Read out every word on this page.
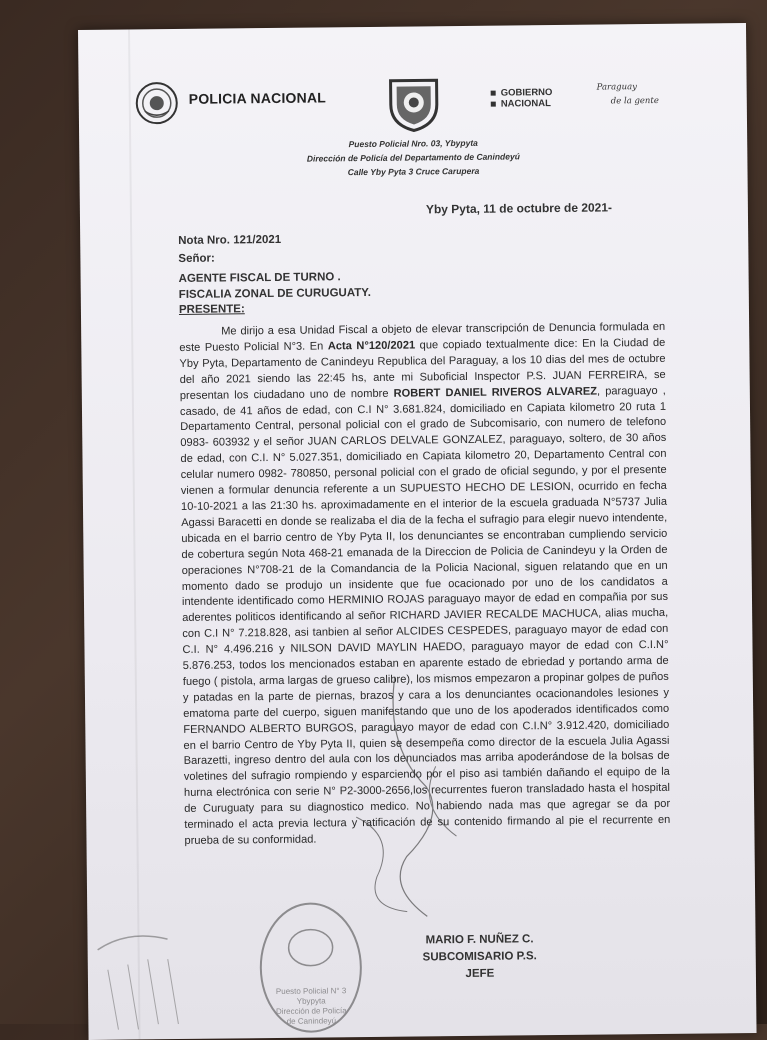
POLICIA NACIONAL	GOBIERNO
NACIONAL
Paraguay
de la gente
Puesto Policial Nro. 03, Ybypyta
Dirección de Policía del Departamento de Canindeyú
Calle Yby Pyta 3 Cruce Carupera
Yby Pyta, 11 de octubre de 2021-
Nota Nro. 121/2021
Señor:
AGENTE FISCAL DE TURNO .
FISCALIA ZONAL DE CURUGUATY.
PRESENTE:

Me dirijo a esa Unidad Fiscal a objeto de elevar transcripción de Denuncia formulada en este Puesto Policial N°3. En Acta N°120/2021 que copiado textualmente dice: En la Ciudad de Yby Pyta, Departamento de Canindeyu Republica del Paraguay, a los 10 dias del mes de octubre del año 2021 siendo las 22:45 hs, ante mi Suboficial Inspector P.S. JUAN FERREIRA, se presentan los ciudadano uno de nombre ROBERT DANIEL RIVEROS ALVAREZ, paraguayo , casado, de 41 años de edad, con C.I N° 3.681.824, domiciliado en Capiata kilometro 20 ruta 1 Departamento Central, personal policial con el grado de Subcomisario, con numero de telefono 0983- 603932 y el señor JUAN CARLOS DELVALE GONZALEZ, paraguayo, soltero, de 30 años de edad, con C.I. N° 5.027.351, domiciliado en Capiata kilometro 20, Departamento Central con celular numero 0982- 780850, personal policial con el grado de oficial segundo, y por el presente vienen a formular denuncia referente a un SUPUESTO HECHO DE LESION, ocurrido en fecha 10-10-2021 a las 21:30 hs. aproximadamente en el interior de la escuela graduada N°5737 Julia Agassi Baracetti en donde se realizaba el dia de la fecha el sufragio para elegir nuevo intendente, ubicada en el barrio centro de Yby Pyta II, los denunciantes se encontraban cumpliendo servicio de cobertura según Nota 468-21 emanada de la Direccion de Policia de Canindeyu y la Orden de operaciones N°708-21 de la Comandancia de la Policia Nacional, siguen relatando que en un momento dado se produjo un insidente que fue ocacionado por uno de los candidatos a intendente identificado como HERMINIO ROJAS paraguayo mayor de edad en compañia por sus aderentes politicos identificando al señor RICHARD JAVIER RECALDE MACHUCA, alias mucha, con C.I N° 7.218.828, asi tanbien al señor ALCIDES CESPEDES, paraguayo mayor de edad con C.I. N° 4.496.216 y NILSON DAVID MAYLIN HAEDO, paraguayo mayor de edad con C.I.N° 5.876.253, todos los mencionados estaban en aparente estado de ebriedad y portando arma de fuego ( pistola, arma largas de grueso calibre), los mismos empezaron a propinar golpes de puños y patadas en la parte de piernas, brazos y cara a los denunciantes ocacionandoles lesiones y ematoma parte del cuerpo, siguen manifestando que uno de los apoderados identificados como FERNANDO ALBERTO BURGOS, paraguayo mayor de edad con C.I.N° 3.912.420, domiciliado en el barrio Centro de Yby Pyta II, quien se desempeña como director de la escuela Julia Agassi Barazetti, ingreso dentro del aula con los denunciados mas arriba apoderándose de la bolsas de voletines del sufragio rompiendo y esparciendo por el piso asi también dañando el equipo de la hurna electrónica con serie N° P2-3000-2656,los recurrentes fueron transladado hasta el hospital de Curuguaty para su diagnostico medico. No habiendo nada mas que agregar se da por terminado el acta previa lectura y ratificación de su contenido firmando al pie el recurrente en prueba de su conformidad.

Puesto Policial N° 3
Ybypyta
Dirección de Policía
de Canindeyú
MARIO F. NUÑEZ C.
SUBCOMISARIO P.S.
JEFE
